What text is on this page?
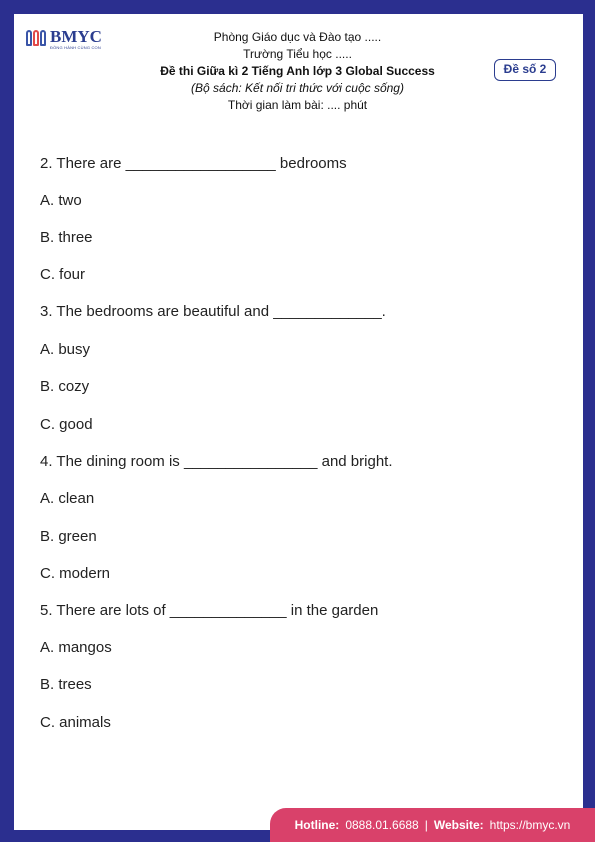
BMYC
ĐỒNG HÀNH CÙNG CON
Phòng Giáo dục và Đào tạo .....
Trường Tiểu học .....
Đề thi Giữa kì 2 Tiếng Anh lớp 3 Global Success
(Bộ sách: Kết nối tri thức với cuộc sống)
Thời gian làm bài: .... phút
Đề số 2
2. There are __________________ bedrooms
A. two
B. three
C. four
3. The bedrooms are beautiful and _____________.
A. busy
B. cozy
C. good
4. The dining room is ________________ and bright.
A. clean
B. green
C. modern
5. There are lots of ______________ in the garden
A. mangos
B. trees
C. animals
Hotline: 0888.01.6688 | Website: https://bmyc.vn
